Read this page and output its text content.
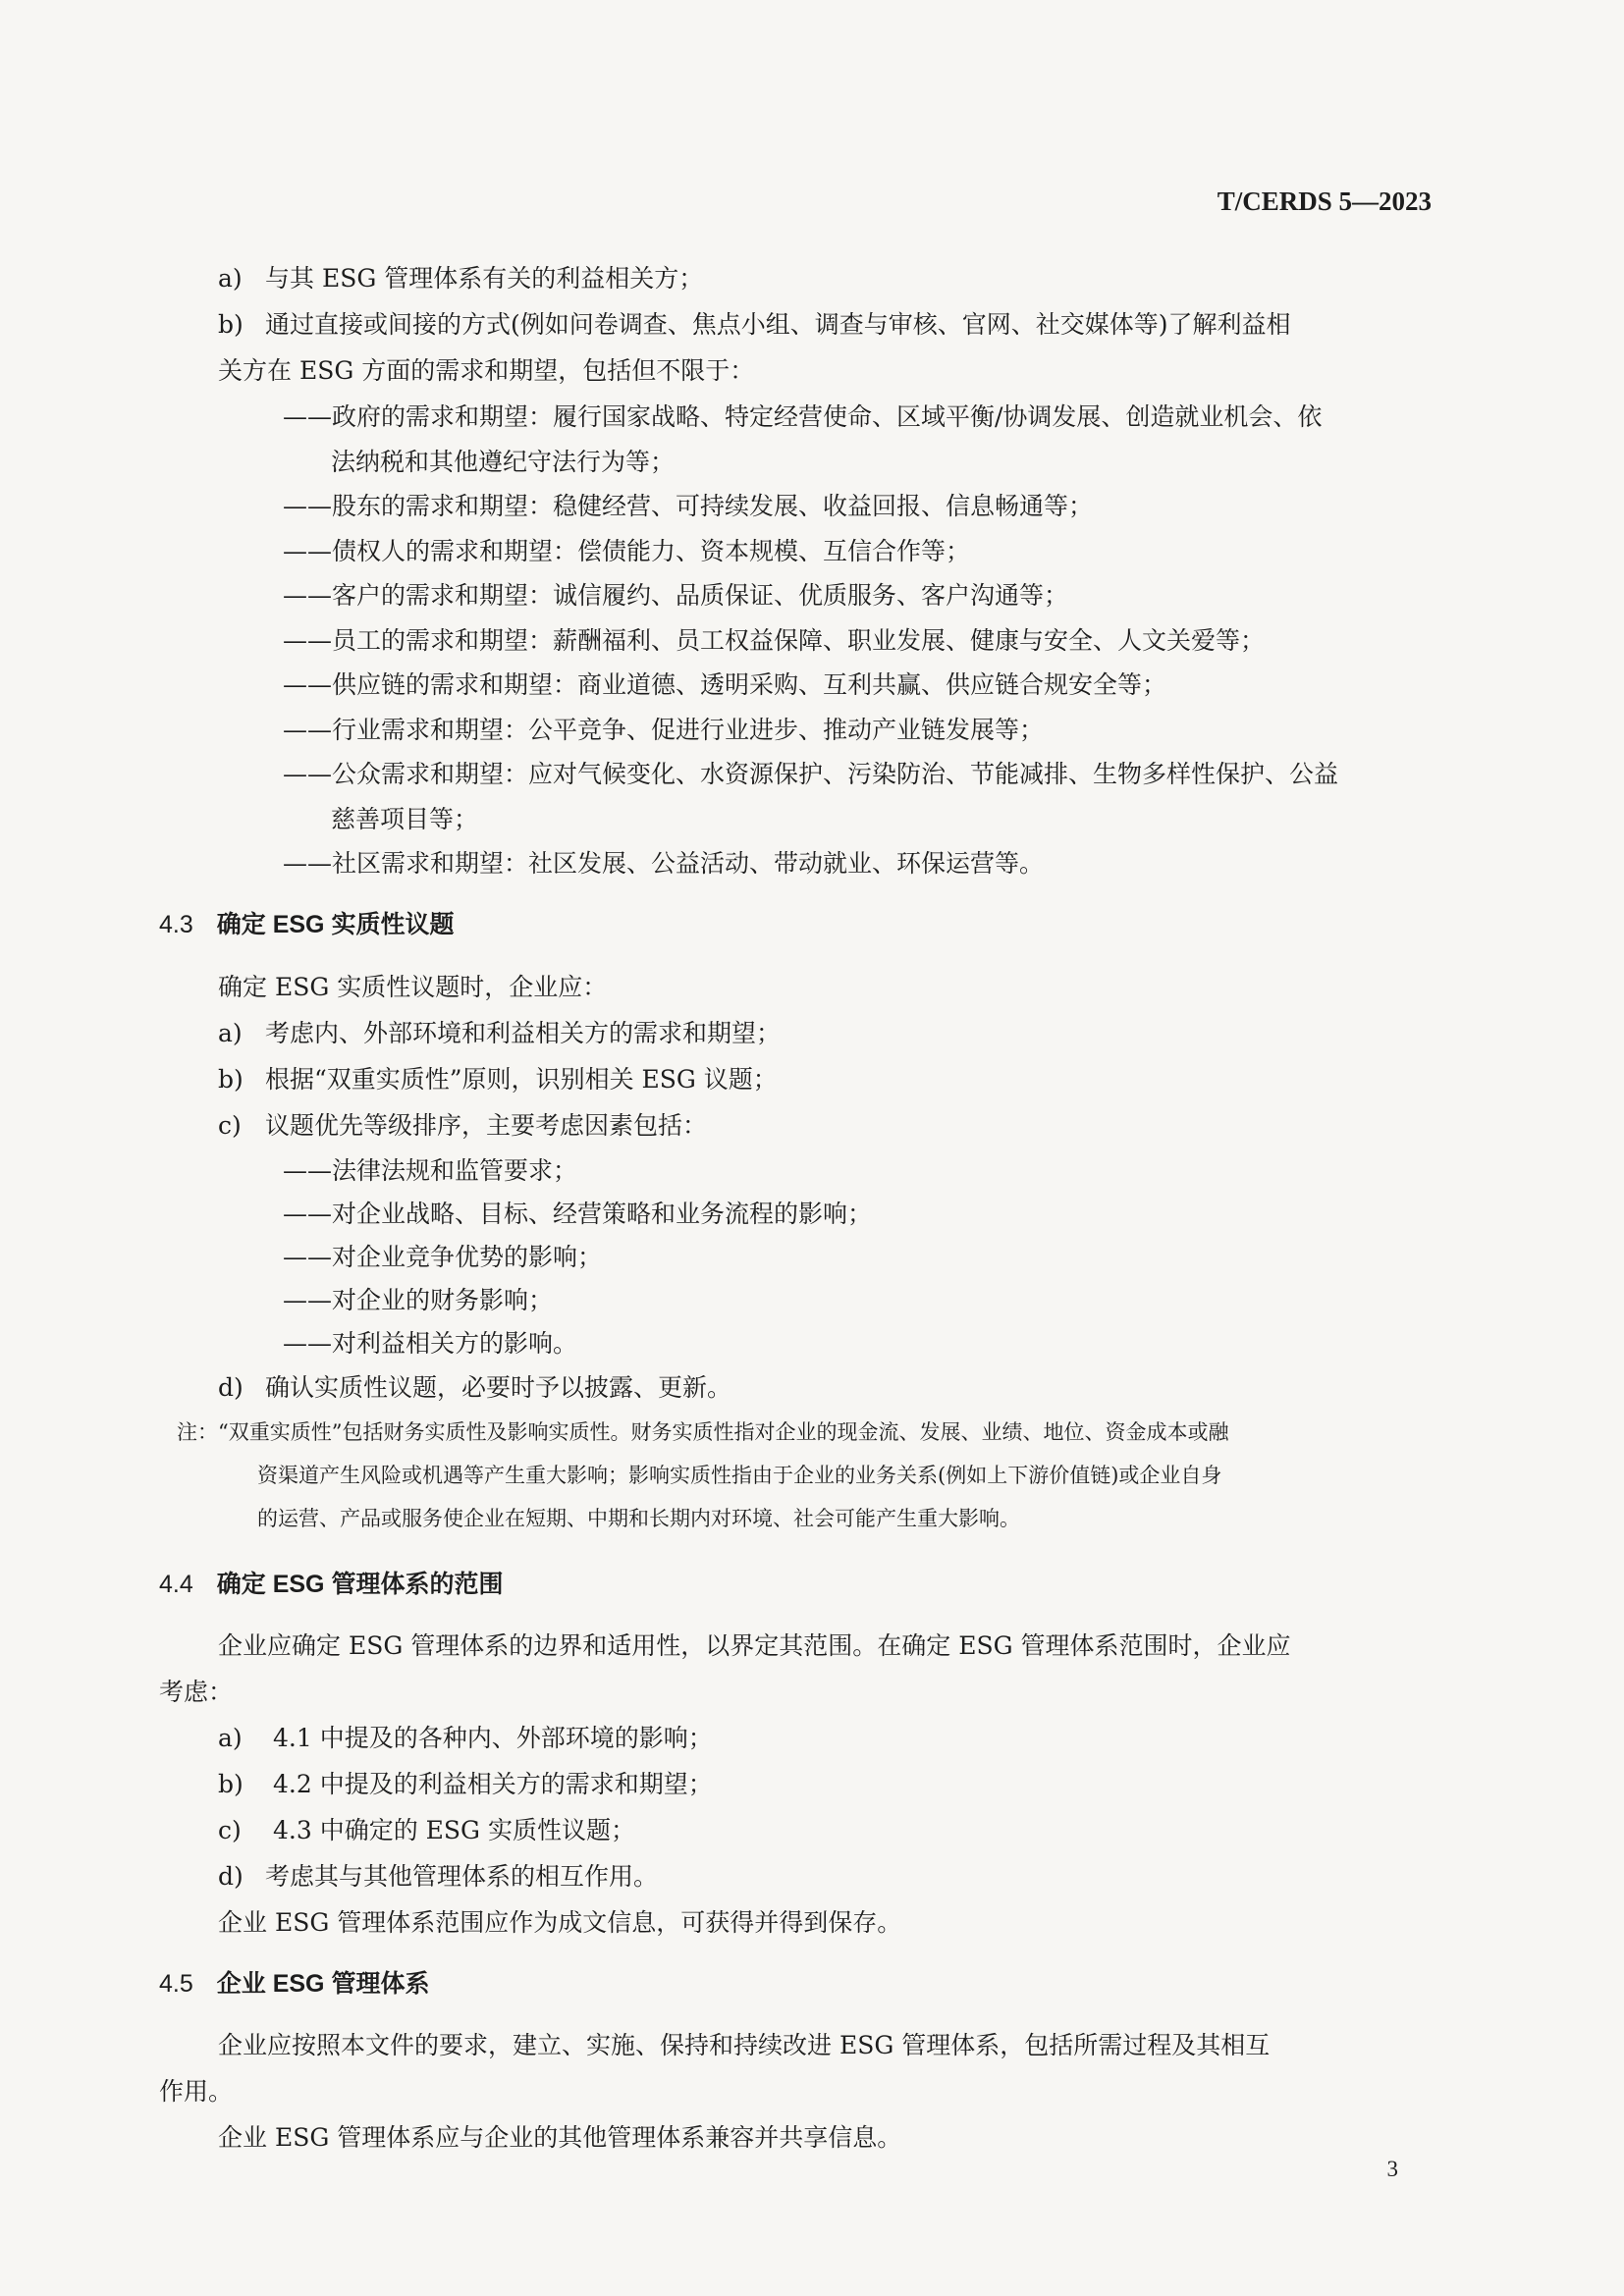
T/CERDS 5—2023
a) 与其 ESG 管理体系有关的利益相关方；
b) 通过直接或间接的方式(例如问卷调查、焦点小组、调查与审核、官网、社交媒体等)了解利益相
关方在 ESG 方面的需求和期望，包括但不限于：
——政府的需求和期望：履行国家战略、特定经营使命、区域平衡/协调发展、创造就业机会、依
法纳税和其他遵纪守法行为等；
——股东的需求和期望：稳健经营、可持续发展、收益回报、信息畅通等；
——债权人的需求和期望：偿债能力、资本规模、互信合作等；
——客户的需求和期望：诚信履约、品质保证、优质服务、客户沟通等；
——员工的需求和期望：薪酬福利、员工权益保障、职业发展、健康与安全、人文关爱等；
——供应链的需求和期望：商业道德、透明采购、互利共赢、供应链合规安全等；
——行业需求和期望：公平竞争、促进行业进步、推动产业链发展等；
——公众需求和期望：应对气候变化、水资源保护、污染防治、节能减排、生物多样性保护、公益
慈善项目等；
——社区需求和期望：社区发展、公益活动、带动就业、环保运营等。
4.3 确定 ESG 实质性议题
确定 ESG 实质性议题时，企业应：
a) 考虑内、外部环境和利益相关方的需求和期望；
b) 根据“双重实质性”原则，识别相关 ESG 议题；
c) 议题优先等级排序，主要考虑因素包括：
——法律法规和监管要求；
——对企业战略、目标、经营策略和业务流程的影响；
——对企业竞争优势的影响；
——对企业的财务影响；
——对利益相关方的影响。
d) 确认实质性议题，必要时予以披露、更新。
注：“双重实质性”包括财务实质性及影响实质性。财务实质性指对企业的现金流、发展、业绩、地位、资金成本或融
资渠道产生风险或机遇等产生重大影响；影响实质性指由于企业的业务关系(例如上下游价值链)或企业自身
的运营、产品或服务使企业在短期、中期和长期内对环境、社会可能产生重大影响。
4.4 确定 ESG 管理体系的范围
企业应确定 ESG 管理体系的边界和适用性，以界定其范围。在确定 ESG 管理体系范围时，企业应
考虑：
a) 4.1 中提及的各种内、外部环境的影响；
b) 4.2 中提及的利益相关方的需求和期望；
c) 4.3 中确定的 ESG 实质性议题；
d) 考虑其与其他管理体系的相互作用。
企业 ESG 管理体系范围应作为成文信息，可获得并得到保存。
4.5 企业 ESG 管理体系
企业应按照本文件的要求，建立、实施、保持和持续改进 ESG 管理体系，包括所需过程及其相互
作用。
企业 ESG 管理体系应与企业的其他管理体系兼容并共享信息。
3
